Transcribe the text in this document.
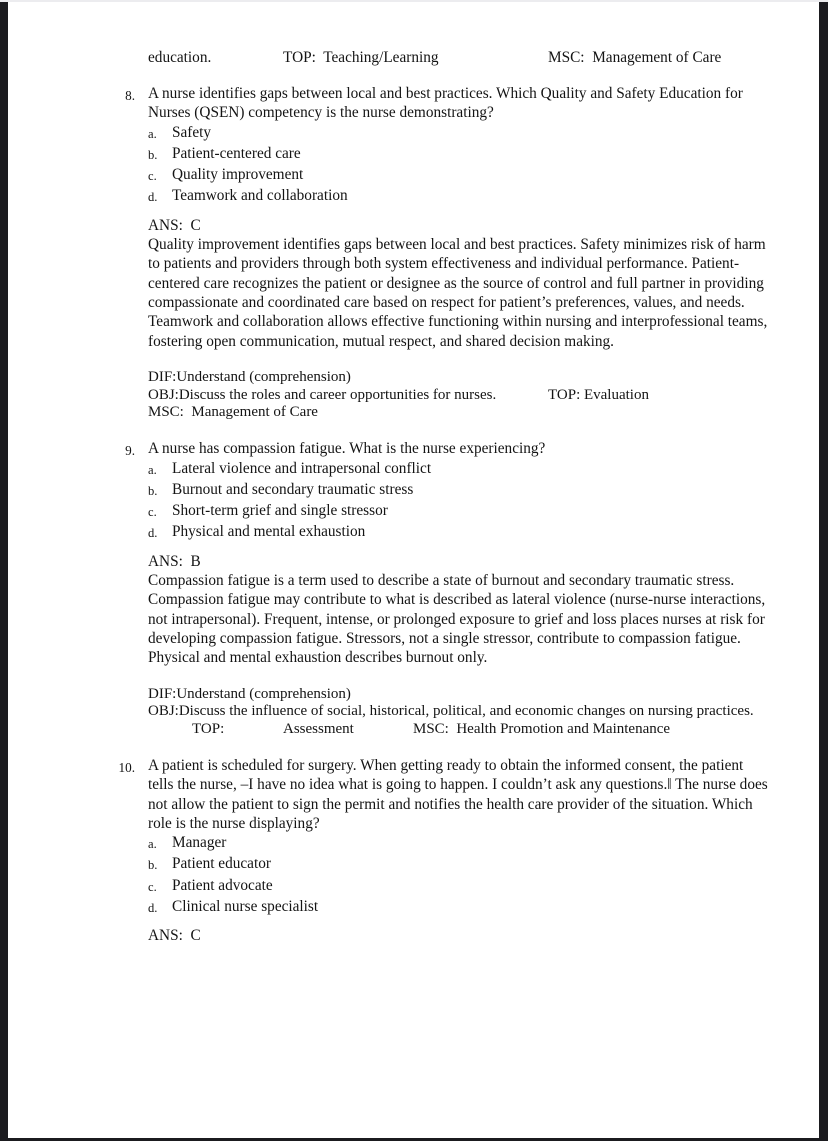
education.	TOP:  Teaching/Learning	MSC:  Management of Care
8. A nurse identifies gaps between local and best practices. Which Quality and Safety Education for Nurses (QSEN) competency is the nurse demonstrating?
a. Safety
b. Patient-centered care
c. Quality improvement
d. Teamwork and collaboration
ANS:  C
Quality improvement identifies gaps between local and best practices. Safety minimizes risk of harm to patients and providers through both system effectiveness and individual performance. Patient-centered care recognizes the patient or designee as the source of control and full partner in providing compassionate and coordinated care based on respect for patient’s preferences, values, and needs. Teamwork and collaboration allows effective functioning within nursing and interprofessional teams, fostering open communication, mutual respect, and shared decision making.
DIF:Understand (comprehension)
OBJ:Discuss the roles and career opportunities for nurses.	TOP: Evaluation
MSC:  Management of Care
9. A nurse has compassion fatigue. What is the nurse experiencing?
a. Lateral violence and intrapersonal conflict
b. Burnout and secondary traumatic stress
c. Short-term grief and single stressor
d. Physical and mental exhaustion
ANS:  B
Compassion fatigue is a term used to describe a state of burnout and secondary traumatic stress. Compassion fatigue may contribute to what is described as lateral violence (nurse-nurse interactions, not intrapersonal). Frequent, intense, or prolonged exposure to grief and loss places nurses at risk for developing compassion fatigue. Stressors, not a single stressor, contribute to compassion fatigue. Physical and mental exhaustion describes burnout only.
DIF:Understand (comprehension)
OBJ:Discuss the influence of social, historical, political, and economic changes on nursing practices.
TOP:	Assessment	MSC:  Health Promotion and Maintenance
10. A patient is scheduled for surgery. When getting ready to obtain the informed consent, the patient tells the nurse, –I have no idea what is going to happen. I couldn’t ask any questions.‖ The nurse does not allow the patient to sign the permit and notifies the health care provider of the situation. Which role is the nurse displaying?
a. Manager
b. Patient educator
c. Patient advocate
d. Clinical nurse specialist
ANS:  C
